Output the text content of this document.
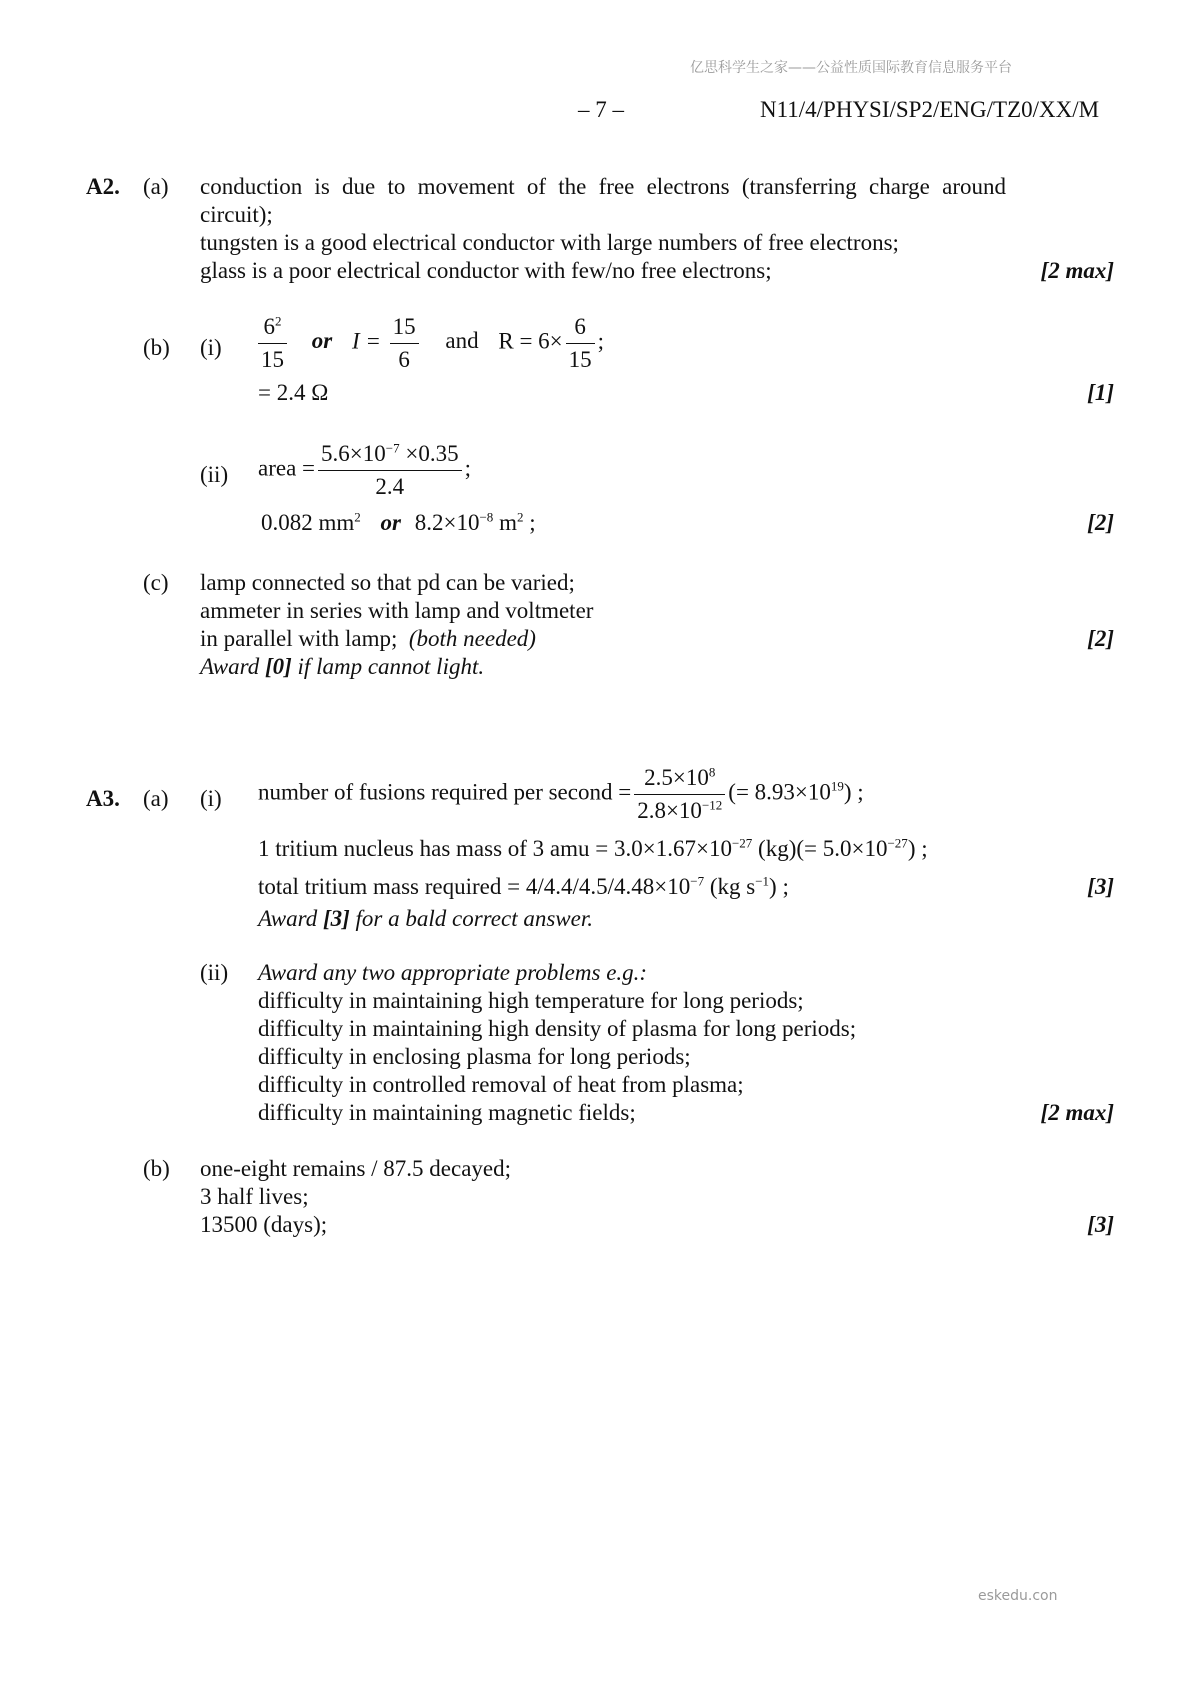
亿思科学生之家——公益性质国际教育信息服务平台
eskedu.con
– 7 –	N11/4/PHYSI/SP2/ENG/TZ0/XX/M
A2. (a) conduction is due to movement of the free electrons (transferring charge around
circuit);
tungsten is a good electrical conductor with large numbers of free electrons;
glass is a poor electrical conductor with few/no free electrons;	[2 max]
(b) $(i) \frac{6^2}{15}$ or $I = \frac{15}{6}$ and $R = 6\times \frac{6}{15}$ ;
= 2.4 Ω	[1]
(ii) area = $\frac{5.6\times 10^{-7} \times 0.35}{2.4}$ ;
0.082 $mm^2$ or $8.2\times 10^{-8}$ $m^2$ ;	[2]
(c) lamp connected so that pd can be varied;
ammeter in series with lamp and voltmeter
in parallel with lamp; (both needed)	[2]
Award [0] if lamp cannot light.
A3. (a) (i) number of fusions required per second = $\frac{2.5\times 10^8}{2.8\times 10^{-12}}$ (= $8.93\times 10^{19}$) ;
1 tritium nucleus has mass of 3 amu = $3.0\times 1.67\times 10^{-27}$ $(kg)(= 5.0\times 10^{-27})$ ;
total tritium mass required = $4/4.4/4.5/4.48\times 10^{-7}$ (kg $s^{-1}$) ;	[3]
Award [3] for a bald correct answer.
(ii) Award any two appropriate problems e.g.:
difficulty in maintaining high temperature for long periods;
difficulty in maintaining high density of plasma for long periods;
difficulty in enclosing plasma for long periods;
difficulty in controlled removal of heat from plasma;
difficulty in maintaining magnetic fields;	[2 max]
(b) one-eight remains / 87.5 decayed;
3 half lives;
13500 (days);	[3]
